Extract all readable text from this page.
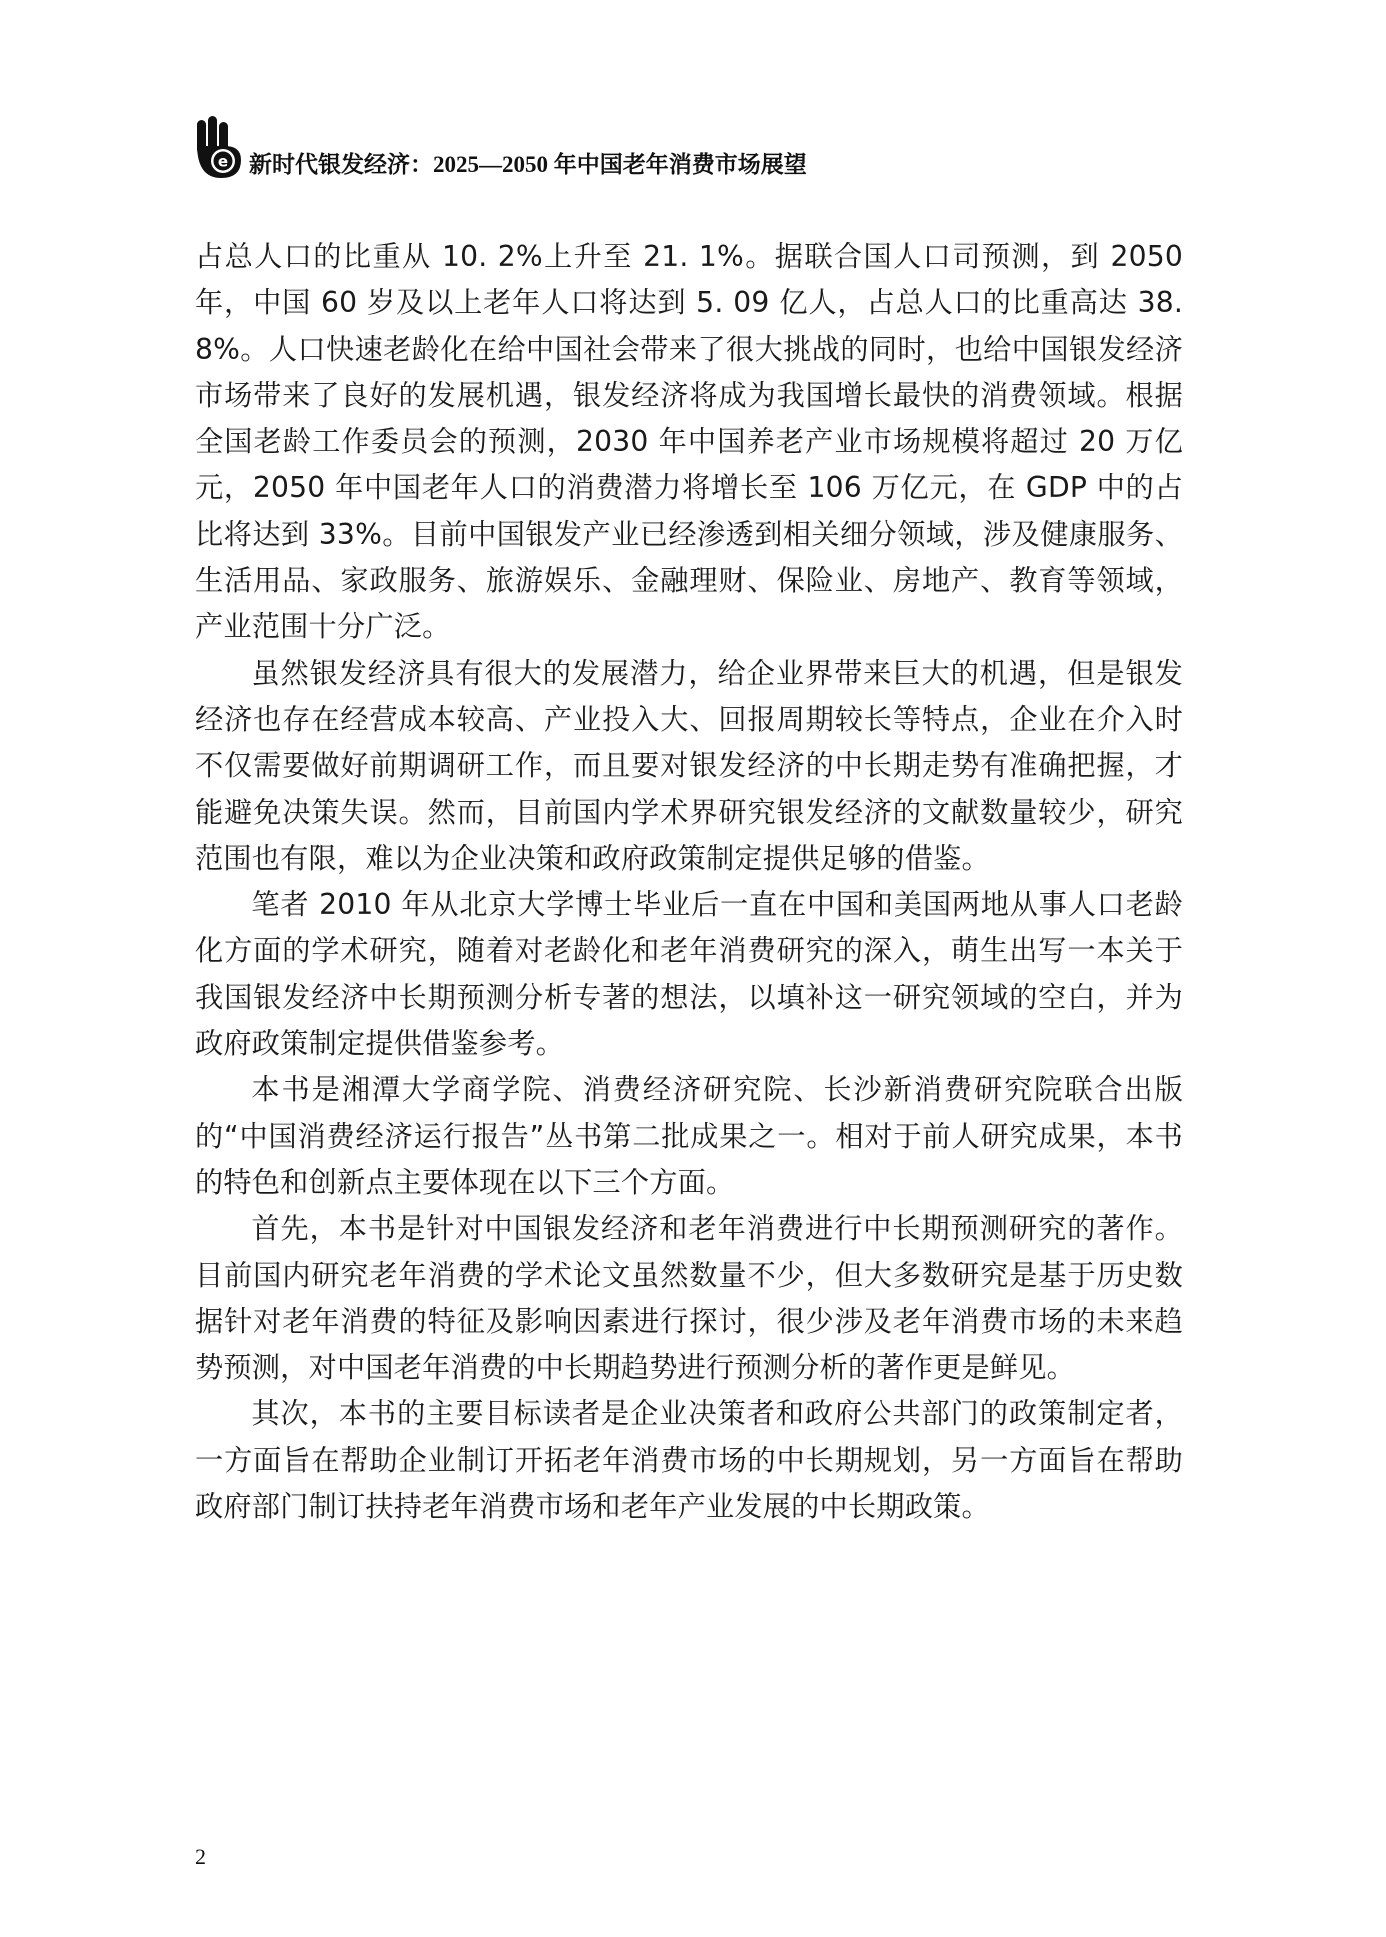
e 新时代银发经济：2025—2050 年中国老年消费市场展望

占总人口的比重从 10. 2%上升至 21. 1%。据联合国人口司预测，到 2050 年，中国 60 岁及以上老年人口将达到 5. 09 亿人，占总人口的比重高达 38. 8%。人口快速老龄化在给中国社会带来了很大挑战的同时，也给中国银发经济市场带来了良好的发展机遇，银发经济将成为我国增长最快的消费领域。根据全国老龄工作委员会的预测，2030 年中国养老产业市场规模将超过 20 万亿元，2050 年中国老年人口的消费潜力将增长至 106 万亿元，在 GDP 中的占比将达到 33%。目前中国银发产业已经渗透到相关细分领域，涉及健康服务、生活用品、家政服务、旅游娱乐、金融理财、保险业、房地产、教育等领域，产业范围十分广泛。

虽然银发经济具有很大的发展潜力，给企业界带来巨大的机遇，但是银发经济也存在经营成本较高、产业投入大、回报周期较长等特点，企业在介入时不仅需要做好前期调研工作，而且要对银发经济的中长期走势有准确把握，才能避免决策失误。然而，目前国内学术界研究银发经济的文献数量较少，研究范围也有限，难以为企业决策和政府政策制定提供足够的借鉴。

笔者 2010 年从北京大学博士毕业后一直在中国和美国两地从事人口老龄化方面的学术研究，随着对老龄化和老年消费研究的深入，萌生出写一本关于我国银发经济中长期预测分析专著的想法，以填补这一研究领域的空白，并为政府政策制定提供借鉴参考。

本书是湘潭大学商学院、消费经济研究院、长沙新消费研究院联合出版的“中国消费经济运行报告”丛书第二批成果之一。相对于前人研究成果，本书的特色和创新点主要体现在以下三个方面。

首先，本书是针对中国银发经济和老年消费进行中长期预测研究的著作。目前国内研究老年消费的学术论文虽然数量不少，但大多数研究是基于历史数据针对老年消费的特征及影响因素进行探讨，很少涉及老年消费市场的未来趋势预测，对中国老年消费的中长期趋势进行预测分析的著作更是鲜见。

其次，本书的主要目标读者是企业决策者和政府公共部门的政策制定者，一方面旨在帮助企业制订开拓老年消费市场的中长期规划，另一方面旨在帮助政府部门制订扶持老年消费市场和老年产业发展的中长期政策。

2
